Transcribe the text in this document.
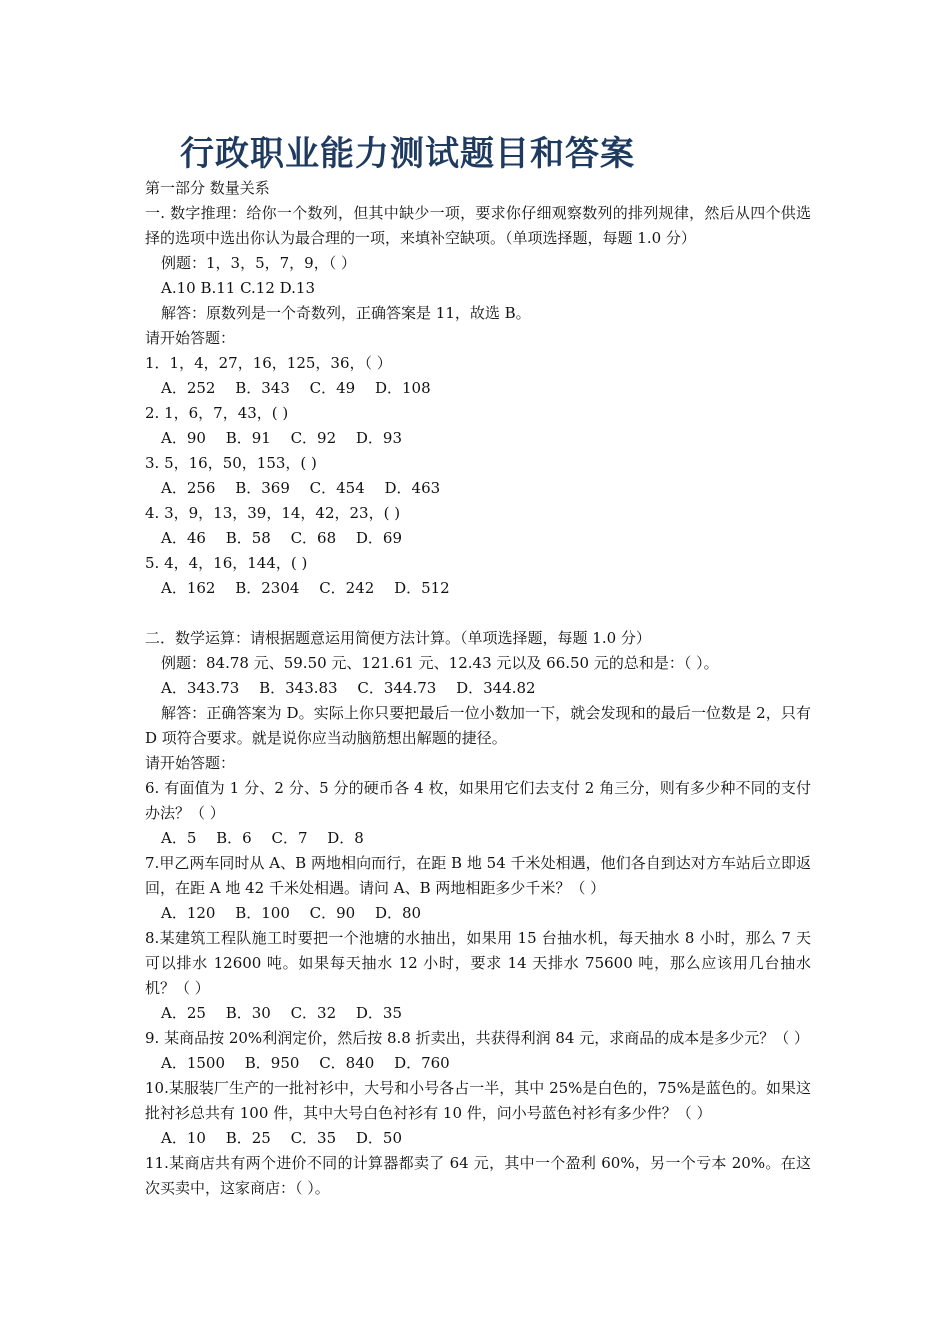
行政职业能力测试题目和答案
第一部分 数量关系
一. 数字推理：给你一个数列，但其中缺少一项，要求你仔细观察数列的排列规律，然后从四个供选择的选项中选出你认为最合理的一项，来填补空缺项。（单项选择题，每题 1.0 分）
例题：1，3，5，7，9，（ ）
A.10 B.11 C.12 D.13
解答：原数列是一个奇数列，正确答案是 11，故选 B。
请开始答题：
1．1，4，27，16，125，36，（ ）
A．252　 B．343　 C．49　 D．108
2. 1，6，7，43，( )
A．90　 B．91　 C．92　 D．93
3. 5，16，50，153，( )
A．256　 B．369　 C．454　 D．463
4. 3，9，13，39，14，42，23，( )
A．46　 B．58　 C．68　 D．69
5. 4，4，16，144，( )
A．162　 B．2304　 C．242　 D．512
二．数学运算：请根据题意运用简便方法计算。（单项选择题，每题 1.0 分）
例题：84.78 元、59.50 元、121.61 元、12.43 元以及 66.50 元的总和是：（ ）。
A．343.73　 B．343.83　 C．344.73　 D．344.82
解答：正确答案为 D。实际上你只要把最后一位小数加一下，就会发现和的最后一位数是 2，只有 D 项符合要求。就是说你应当动脑筋想出解题的捷径。
请开始答题：
6. 有面值为 1 分、2 分、5 分的硬币各 4 枚，如果用它们去支付 2 角三分，则有多少种不同的支付办法？（ ）
A．5　 B．6　 C．7　 D．8
7.甲乙两车同时从 A、B 两地相向而行，在距 B 地 54 千米处相遇，他们各自到达对方车站后立即返回，在距 A 地 42 千米处相遇。请问 A、B 两地相距多少千米？（ ）
A．120　 B．100　 C．90　 D．80
8.某建筑工程队施工时要把一个池塘的水抽出，如果用 15 台抽水机，每天抽水 8 小时，那么 7 天可以排水 12600 吨。如果每天抽水 12 小时，要求 14 天排水 75600 吨，那么应该用几台抽水机？（ ）
A．25　 B．30　 C．32　 D．35
9. 某商品按 20%利润定价，然后按 8.8 折卖出，共获得利润 84 元，求商品的成本是多少元？（ ）
A．1500　 B．950　 C．840　 D．760
10.某服装厂生产的一批衬衫中，大号和小号各占一半，其中 25%是白色的，75%是蓝色的。如果这批衬衫总共有 100 件，其中大号白色衬衫有 10 件，问小号蓝色衬衫有多少件？（ ）
A．10　 B．25　 C．35　 D．50
11.某商店共有两个进价不同的计算器都卖了 64 元，其中一个盈利 60%，另一个亏本 20%。在这次买卖中，这家商店：（ ）。
